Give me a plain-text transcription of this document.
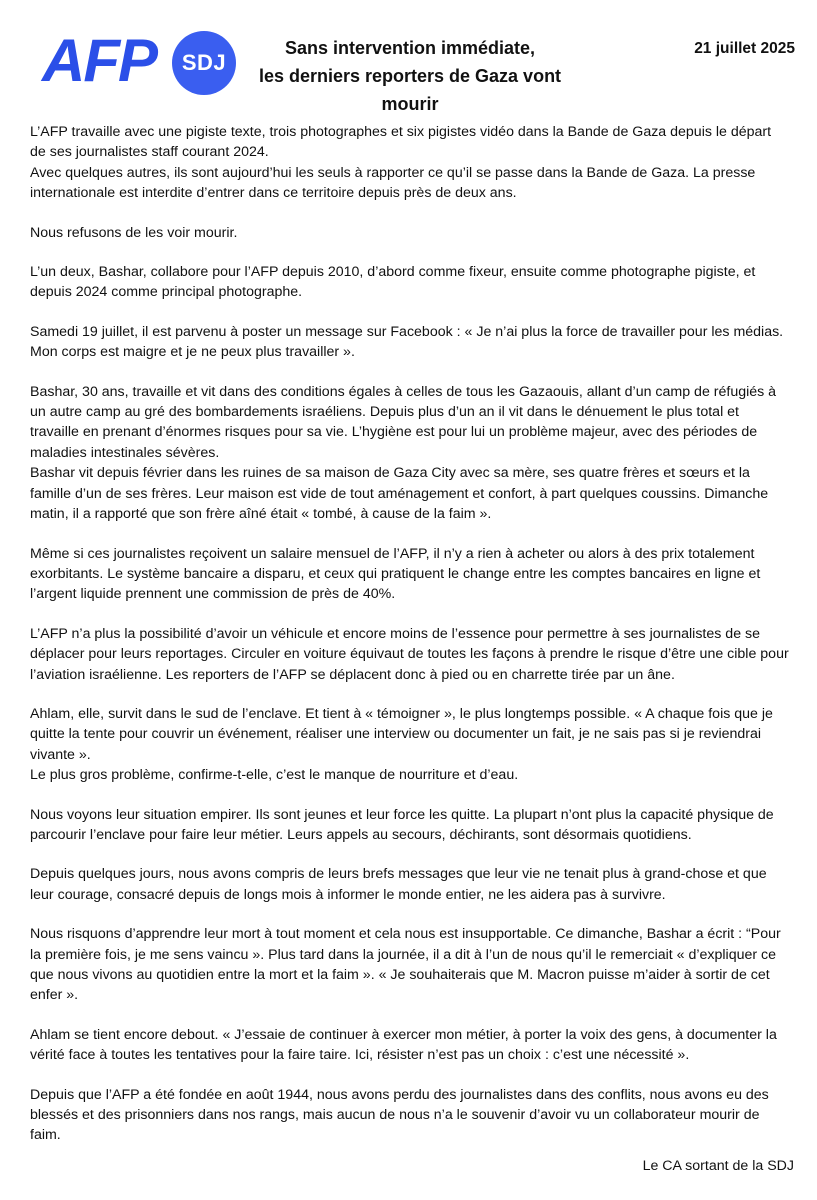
AFP	SDJ
Sans intervention immédiate,
les derniers reporters de Gaza vont mourir
21 juillet 2025

L’AFP travaille avec une pigiste texte, trois photographes et six pigistes vidéo dans la Bande de Gaza depuis le départ de ses journalistes staff courant 2024.
Avec quelques autres, ils sont aujourd’hui les seuls à rapporter ce qu’il se passe dans la Bande de Gaza. La presse internationale est interdite d’entrer dans ce territoire depuis près de deux ans.

Nous refusons de les voir mourir.

L’un deux, Bashar, collabore pour l’AFP depuis 2010, d’abord comme fixeur, ensuite comme photographe pigiste, et depuis 2024 comme principal photographe.

Samedi 19 juillet, il est parvenu à poster un message sur Facebook : « Je n’ai plus la force de travailler pour les médias. Mon corps est maigre et je ne peux plus travailler ».

Bashar, 30 ans, travaille et vit dans des conditions égales à celles de tous les Gazaouis, allant d’un camp de réfugiés à un autre camp au gré des bombardements israéliens. Depuis plus d’un an il vit dans le dénuement le plus total et travaille en prenant d’énormes risques pour sa vie. L’hygiène est pour lui un problème majeur, avec des périodes de maladies intestinales sévères.
Bashar vit depuis février dans les ruines de sa maison de Gaza City avec sa mère, ses quatre frères et sœurs et la famille d’un de ses frères. Leur maison est vide de tout aménagement et confort, à part quelques coussins. Dimanche matin, il a rapporté que son frère aîné était « tombé, à cause de la faim ».

Même si ces journalistes reçoivent un salaire mensuel de l’AFP, il n’y a rien à acheter ou alors à des prix totalement exorbitants. Le système bancaire a disparu, et ceux qui pratiquent le change entre les comptes bancaires en ligne et l’argent liquide prennent une commission de près de 40%.

L’AFP n’a plus la possibilité d’avoir un véhicule et encore moins de l’essence pour permettre à ses journalistes de se déplacer pour leurs reportages. Circuler en voiture équivaut de toutes les façons à prendre le risque d’être une cible pour l’aviation israélienne. Les reporters de l’AFP se déplacent donc à pied ou en charrette tirée par un âne.

Ahlam, elle, survit dans le sud de l’enclave. Et tient à « témoigner », le plus longtemps possible. « A chaque fois que je quitte la tente pour couvrir un événement, réaliser une interview ou documenter un fait, je ne sais pas si je reviendrai vivante ».
Le plus gros problème, confirme-t-elle, c’est le manque de nourriture et d’eau.

Nous voyons leur situation empirer. Ils sont jeunes et leur force les quitte. La plupart n’ont plus la capacité physique de parcourir l’enclave pour faire leur métier. Leurs appels au secours, déchirants, sont désormais quotidiens.

Depuis quelques jours, nous avons compris de leurs brefs messages que leur vie ne tenait plus à grand-chose et que leur courage, consacré depuis de longs mois à informer le monde entier, ne les aidera pas à survivre.

Nous risquons d’apprendre leur mort à tout moment et cela nous est insupportable. Ce dimanche, Bashar a écrit : “Pour la première fois, je me sens vaincu ». Plus tard dans la journée, il a dit à l’un de nous qu’il le remerciait « d’expliquer ce que nous vivons au quotidien entre la mort et la faim ». « Je souhaiterais que M. Macron puisse m’aider à sortir de cet enfer ».

Ahlam se tient encore debout. « J’essaie de continuer à exercer mon métier, à porter la voix des gens, à documenter la vérité face à toutes les tentatives pour la faire taire. Ici, résister n’est pas un choix : c’est une nécessité ».

Depuis que l’AFP a été fondée en août 1944, nous avons perdu des journalistes dans des conflits, nous avons eu des blessés et des prisonniers dans nos rangs, mais aucun de nous n’a le souvenir d’avoir vu un collaborateur mourir de faim.

Le CA sortant de la SDJ
